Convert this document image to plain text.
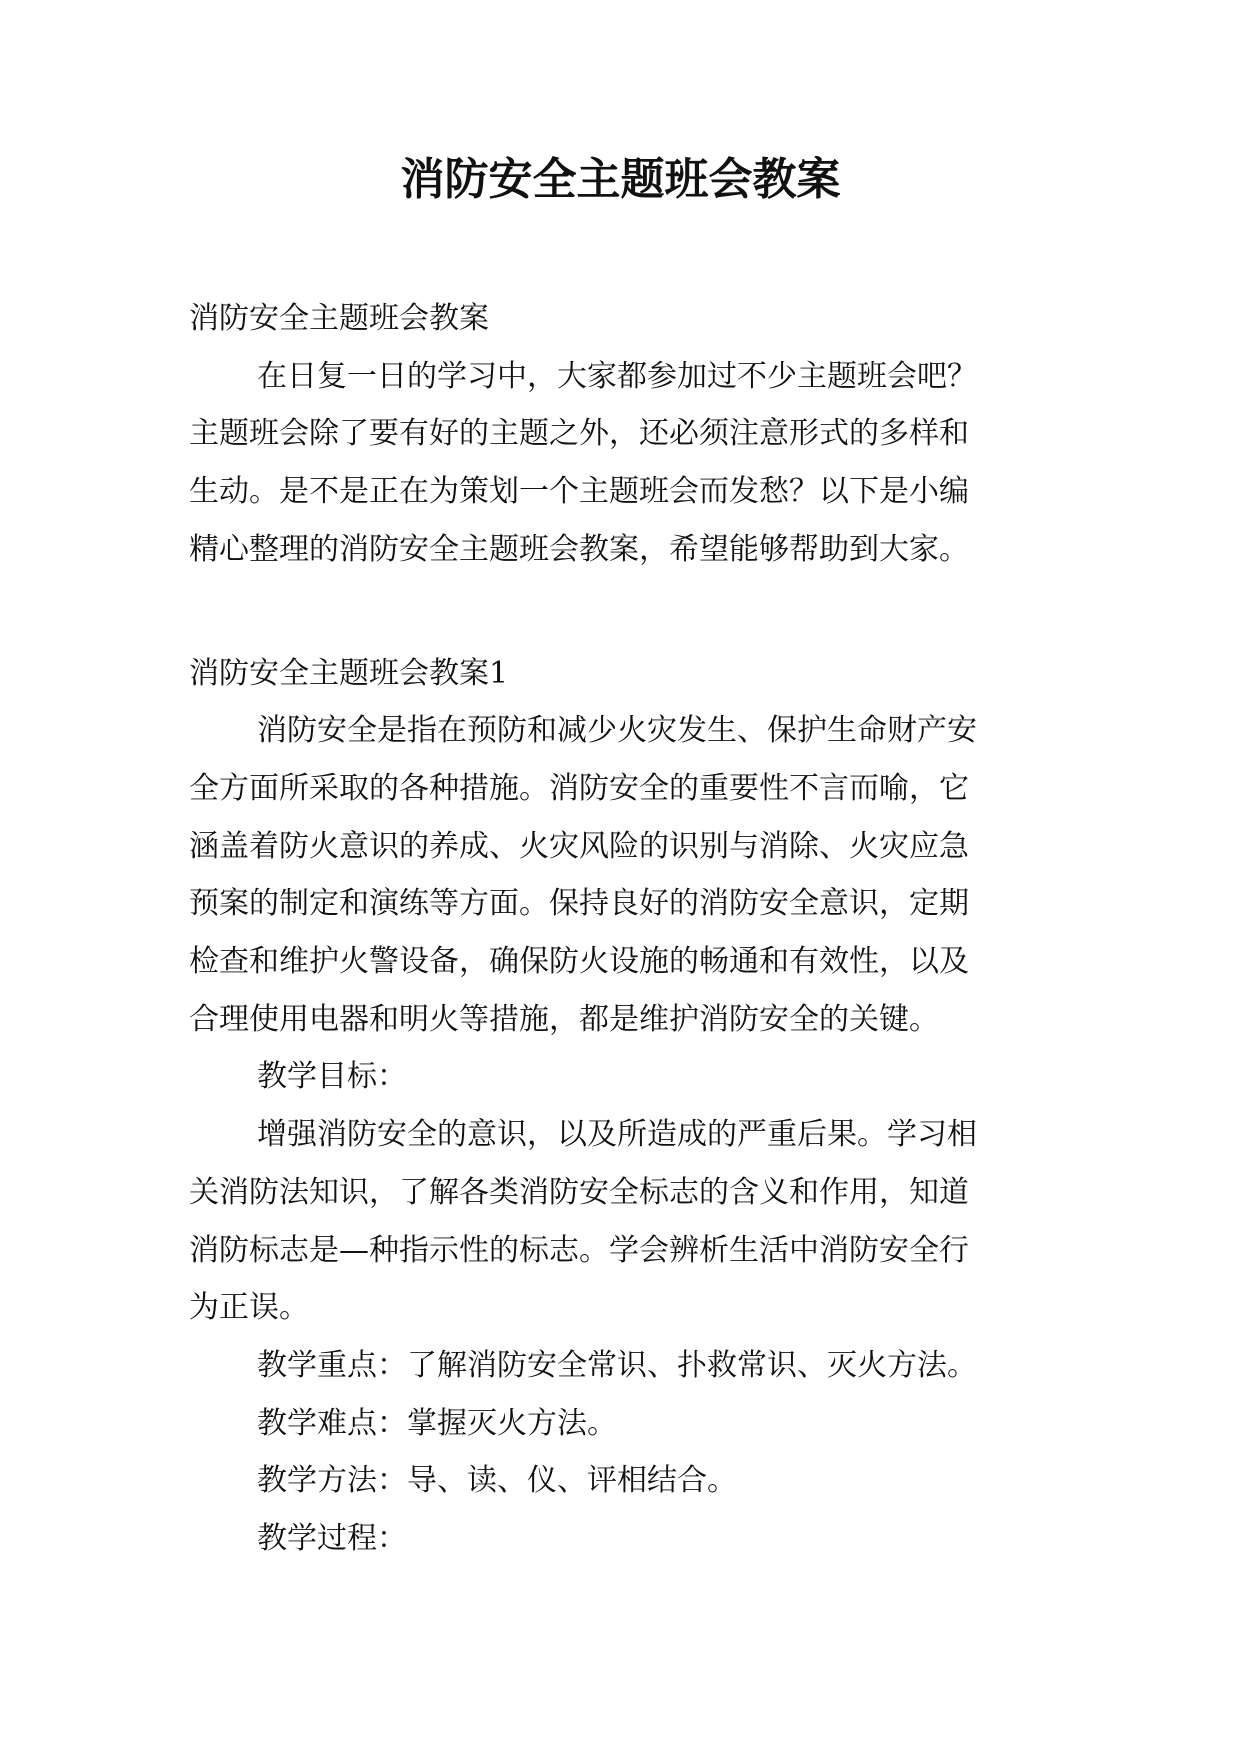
消防安全主题班会教案

消防安全主题班会教案

在日复一日的学习中，大家都参加过不少主题班会吧？

主题班会除了要有好的主题之外，还必须注意形式的多样和

生动。是不是正在为策划一个主题班会而发愁？以下是小编

精心整理的消防安全主题班会教案，希望能够帮助到大家。

消防安全主题班会教案1

消防安全是指在预防和减少火灾发生、保护生命财产安

全方面所采取的各种措施。消防安全的重要性不言而喻，它

涵盖着防火意识的养成、火灾风险的识别与消除、火灾应急

预案的制定和演练等方面。保持良好的消防安全意识，定期

检查和维护火警设备，确保防火设施的畅通和有效性，以及

合理使用电器和明火等措施，都是维护消防安全的关键。

教学目标：

增强消防安全的意识，以及所造成的严重后果。学习相

关消防法知识，了解各类消防安全标志的含义和作用，知道

消防标志是—种指示性的标志。学会辨析生活中消防安全行

为正误。

教学重点：了解消防安全常识、扑救常识、灭火方法。

教学难点：掌握灭火方法。

教学方法：导、读、仪、评相结合。

教学过程：
